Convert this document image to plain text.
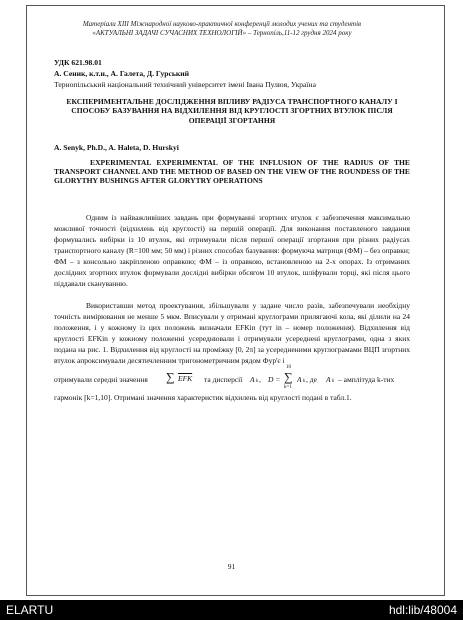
Матеріали XIII Міжнародної науково-практичної конференції молодих учених та студентів
«АКТУАЛЬНІ ЗАДАЧІ СУЧАСНИХ ТЕХНОЛОГІЙ» – Тернопіль,11-12 грудня 2024 року
УДК 621.98.01
А. Сеник, к.т.н., А. Галета, Д. Гурський
Тернопільський національний технічний університет імені Івана Пулюя, Україна
ЕКСПЕРИМЕНТАЛЬНЕ ДОСЛІДЖЕННЯ ВПЛИВУ РАДІУСА ТРАНСПОРТНОГО КАНАЛУ І СПОСОБУ БАЗУВАННЯ НА ВІДХИЛЕННЯ ВІД КРУГЛОСТІ ЗГОРТНИХ ВТУЛОК ПІСЛЯ ОПЕРАЦІЇ ЗГОРТАННЯ
A. Senyk, Ph.D., A. Haleta, D. Hurskyi
EXPERIMENTAL EXPERIMENTAL OF THE INFLUSION OF THE RADIUS OF THE TRANSPORT CHANNEL AND THE METHOD OF BASED ON THE VIEW OF THE ROUNDESS OF THE GLORYTHY BUSHINGS AFTER GLORYTRY OPERATIONS
Одним із найважливіших завдань при формуванні згортних втулок є забезпечення максимально можливої точності (відхилень від круглості) на першій операції. Для виконання поставленого завдання формувались вибірки із 10 втулок, які отримували після першої операції згортання при різних радіусах транспортного каналу (R=100 мм; 50 мм) і різних способах базування: формуюча матриця (ФМ) – без оправки; ФМ – з консольно закріпленою оправкою; ФМ – із оправкою, встановленою на 2-х опорах. Із отриманих дослідних згортних втулок формували дослідні вибірки обсягом 10 втулок, шліфували торці, які після цього піддавали скануванню.
Використавши метод проектування, збільшували у задане число разів, забезпечували необхідну точність вимірювання не менше 5 мкм. Вписували у отримані круглограми прилягаючі кола, які ділили на 24 положення, і у кожному із цих положень визначали EFKin (тут in – номер положення). Відхилення від круглості EFKin у кожному положенні усереднювали і отримували усереднені круглограми, одна з яких подана на рис. 1. Відхилення від круглості на проміжку [0, 2π] за усередненими круглограмами ВЦП згортних втулок апроксимували десятичленним тригонометричним рядом Фур'є і
отримували середні значення ∑ $\overline{EFK}$ та дисперсії A k , D =
10
∑
k=1
A k , де A k – амплітуда k-тих
гармонік [k=1,10]. Отримані значення характеристик відхилень від круглості подані в табл.1.
91
ELARTU	hdl:lib/48004
